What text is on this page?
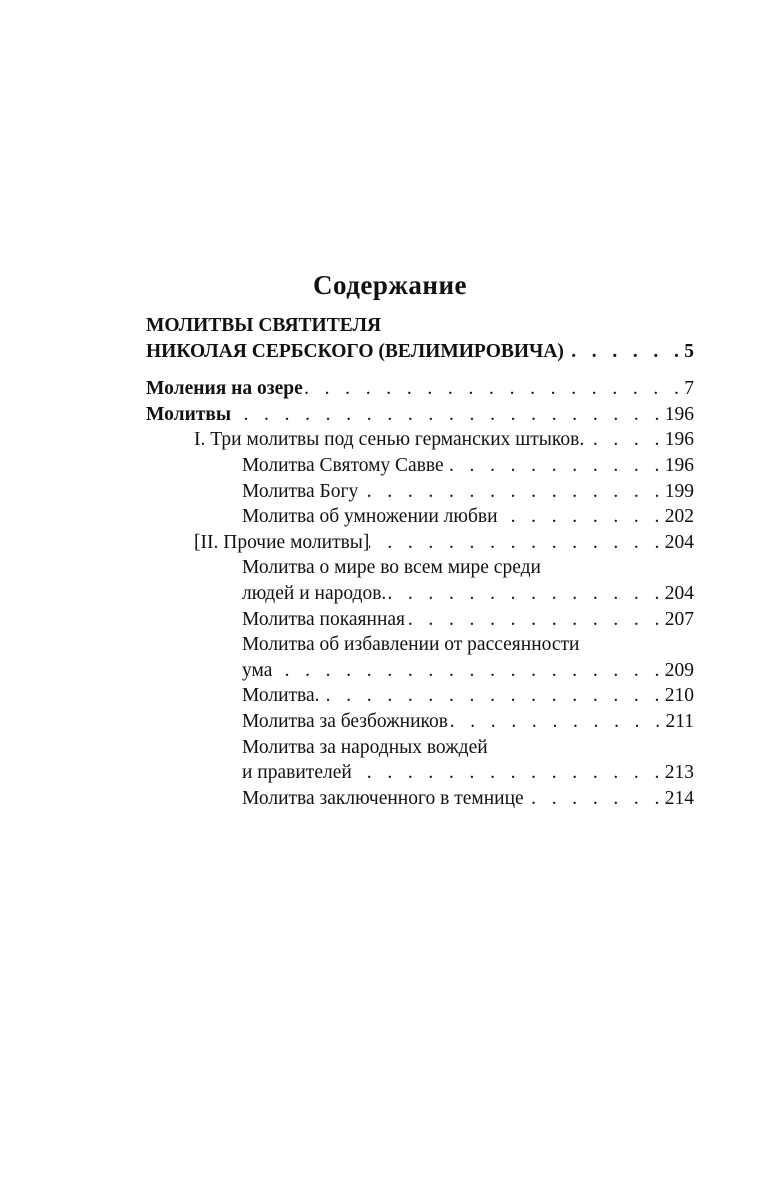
Содержание
МОЛИТВЫ СВЯТИТЕЛЯ
НИКОЛАЯ СЕРБСКОГО (ВЕЛИМИРОВИЧА) . . .	5
Моления на озере . . .	7
Молитвы . . .	196
I. Три молитвы под сенью германских штыков. . . .	196
Молитва Святому Савве . . .	196
Молитва Богу . . .	199
Молитва об умножении любви . . .	202
[II. Прочие молитвы] . . .	204
Молитва о мире во всем мире среди
людей и народов. . . .	204
Молитва покаянная . . .	207
Молитва об избавлении от рассеянности
ума . . .	209
Молитва. . . .	210
Молитва за безбожников . . .	211
Молитва за народных вождей
и правителей . . .	213
Молитва заключенного в темнице . . .	214
